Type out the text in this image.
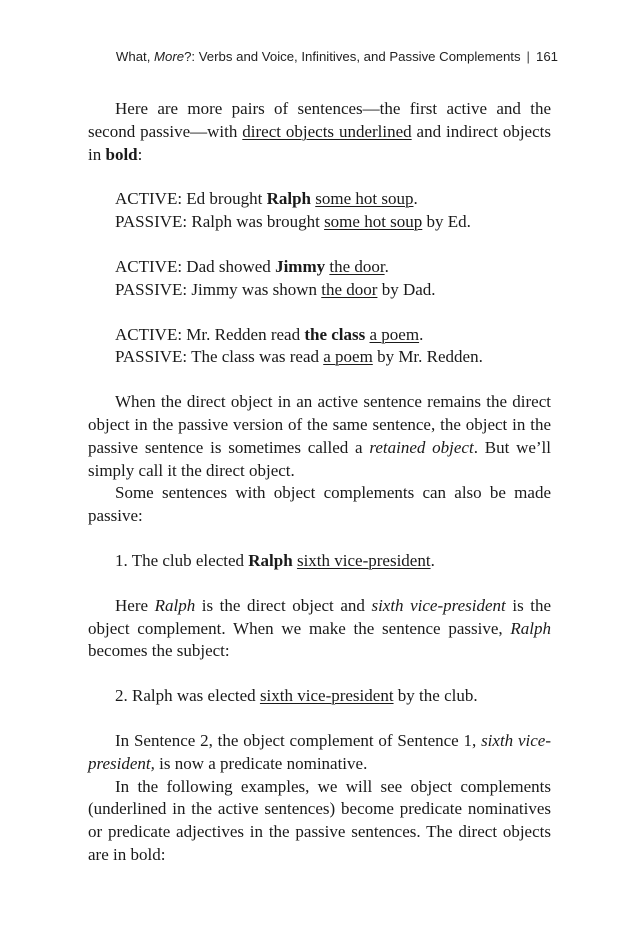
What, More?: Verbs and Voice, Infinitives, and Passive Complements | 161

Here are more pairs of sentences—the first active and the second passive—with direct objects underlined and indirect objects in bold:

ACTIVE: Ed brought Ralph some hot soup.

PASSIVE: Ralph was brought some hot soup by Ed.

ACTIVE: Dad showed Jimmy the door.

PASSIVE: Jimmy was shown the door by Dad.

ACTIVE: Mr. Redden read the class a poem.

PASSIVE: The class was read a poem by Mr. Redden.

When the direct object in an active sentence remains the direct object in the passive version of the same sentence, the object in the passive sentence is sometimes called a retained object. But we’ll simply call it the direct object.

Some sentences with object complements can also be made passive:

1. The club elected Ralph sixth vice-president.

Here Ralph is the direct object and sixth vice-president is the object complement. When we make the sentence passive, Ralph becomes the subject:

2. Ralph was elected sixth vice-president by the club.

In Sentence 2, the object complement of Sentence 1, sixth vice-president, is now a predicate nominative.

In the following examples, we will see object complements (underlined in the active sentences) become predicate nominatives or predicate adjectives in the passive sentences. The direct objects are in bold:
